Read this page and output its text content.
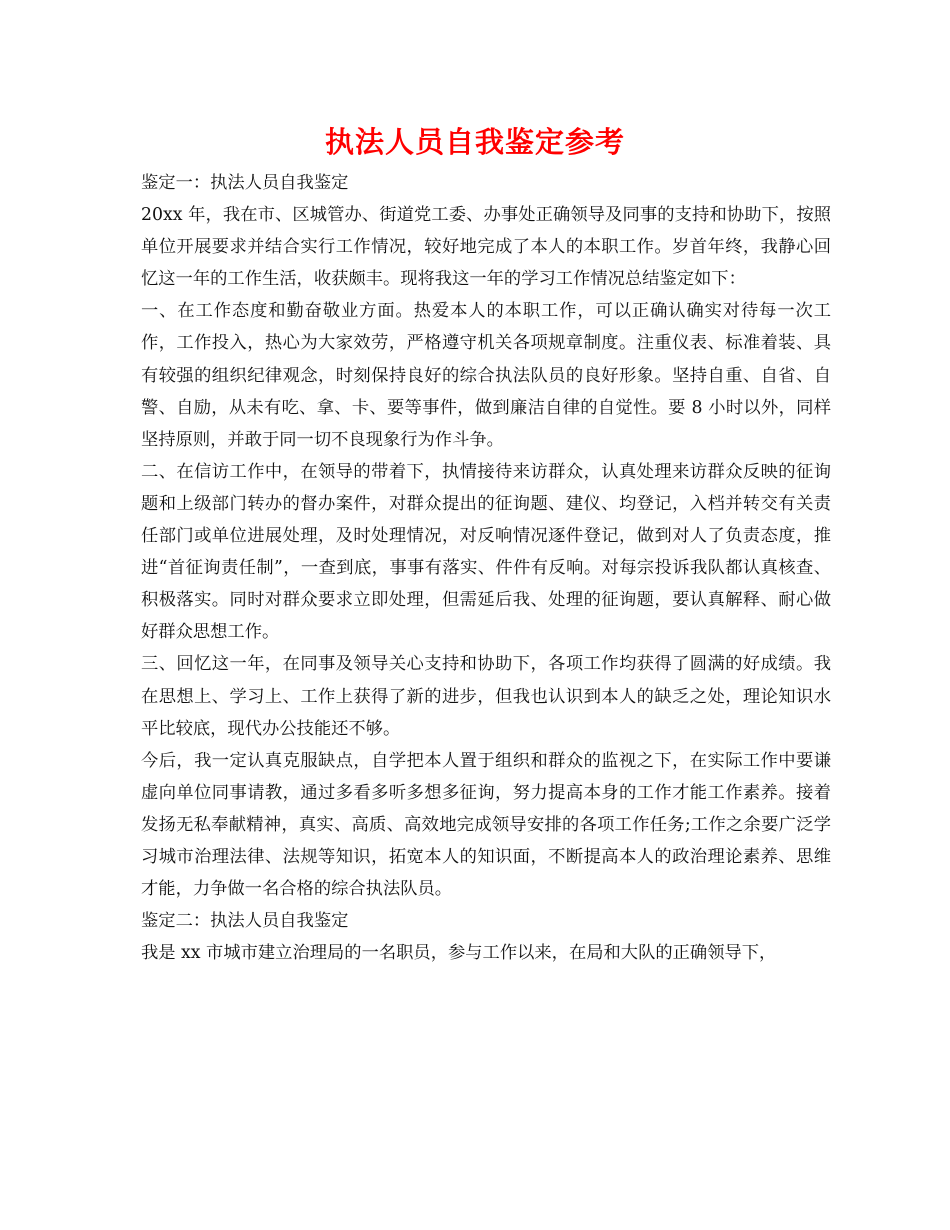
执法人员自我鉴定参考

鉴定一：执法人员自我鉴定

20xx 年，我在市、区城管办、街道党工委、办事处正确领导及同事的支持和协助下，按照单位开展要求并结合实行工作情况，较好地完成了本人的本职工作。岁首年终，我静心回忆这一年的工作生活，收获颇丰。现将我这一年的学习工作情况总结鉴定如下：

一、在工作态度和勤奋敬业方面。热爱本人的本职工作，可以正确认确实对待每一次工作，工作投入，热心为大家效劳，严格遵守机关各项规章制度。注重仪表、标准着装、具有较强的组织纪律观念，时刻保持良好的综合执法队员的良好形象。坚持自重、自省、自警、自励，从未有吃、拿、卡、要等事件，做到廉洁自律的自觉性。要 8 小时以外，同样坚持原则，并敢于同一切不良现象行为作斗争。

二、在信访工作中，在领导的带着下，执情接待来访群众，认真处理来访群众反映的征询题和上级部门转办的督办案件，对群众提出的征询题、建仪、均登记，入档并转交有关责任部门或单位进展处理，及时处理情况，对反响情况逐件登记，做到对人了负责态度，推进“首征询责任制”，一查到底，事事有落实、件件有反响。对每宗投诉我队都认真核查、积极落实。同时对群众要求立即处理，但需延后我、处理的征询题，要认真解释、耐心做好群众思想工作。

三、回忆这一年，在同事及领导关心支持和协助下，各项工作均获得了圆满的好成绩。我在思想上、学习上、工作上获得了新的进步，但我也认识到本人的缺乏之处，理论知识水平比较底，现代办公技能还不够。

今后，我一定认真克服缺点，自学把本人置于组织和群众的监视之下，在实际工作中要谦虚向单位同事请教，通过多看多听多想多征询，努力提高本身的工作才能工作素养。接着发扬无私奉献精神，真实、高质、高效地完成领导安排的各项工作任务;工作之余要广泛学习城市治理法律、法规等知识，拓宽本人的知识面，不断提高本人的政治理论素养、思维才能，力争做一名合格的综合执法队员。

鉴定二：执法人员自我鉴定

我是 xx 市城市建立治理局的一名职员，参与工作以来，在局和大队的正确领导下，
